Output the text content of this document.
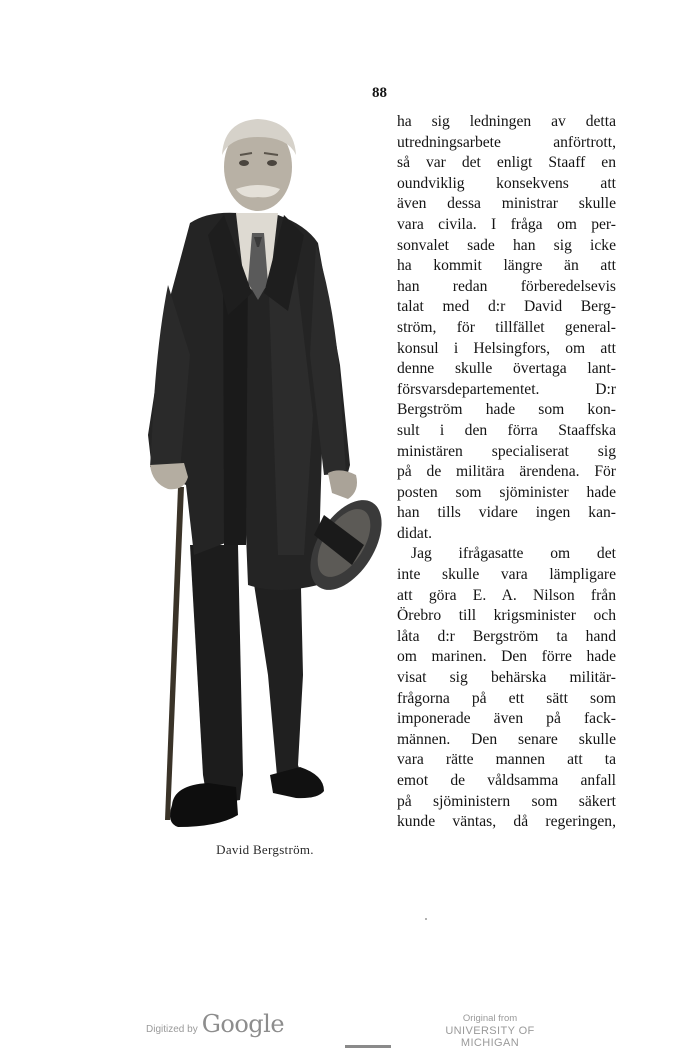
88
David Bergström.
ha sig ledningen av detta
utredningsarbete anförtrott,
så var det enligt Staaff en
oundviklig konsekvens att
även dessa ministrar skulle
vara civila. I fråga om per-
sonvalet sade han sig icke
ha kommit längre än att
han redan förberedelsevis
talat med d:r David Berg-
ström, för tillfället general-
konsul i Helsingfors, om att
denne skulle övertaga lant-
försvarsdepartementet. D:r
Bergström hade som kon-
sult i den förra Staaffska
ministären specialiserat sig
på de militära ärendena. För
posten som sjöminister hade
han tills vidare ingen kan-
didat.
Jag ifrågasatte om det
inte skulle vara lämpligare
att göra E. A. Nilson från
Örebro till krigsminister och
låta d:r Bergström ta hand
om marinen. Den förre hade
visat sig behärska militär-
frågorna på ett sätt som
imponerade även på fack-
männen. Den senare skulle
vara rätte mannen att ta
emot de våldsamma anfall
på sjöministern som säkert
kunde väntas, då regeringen,
Digitized by Google	Original from
UNIVERSITY OF MICHIGAN
